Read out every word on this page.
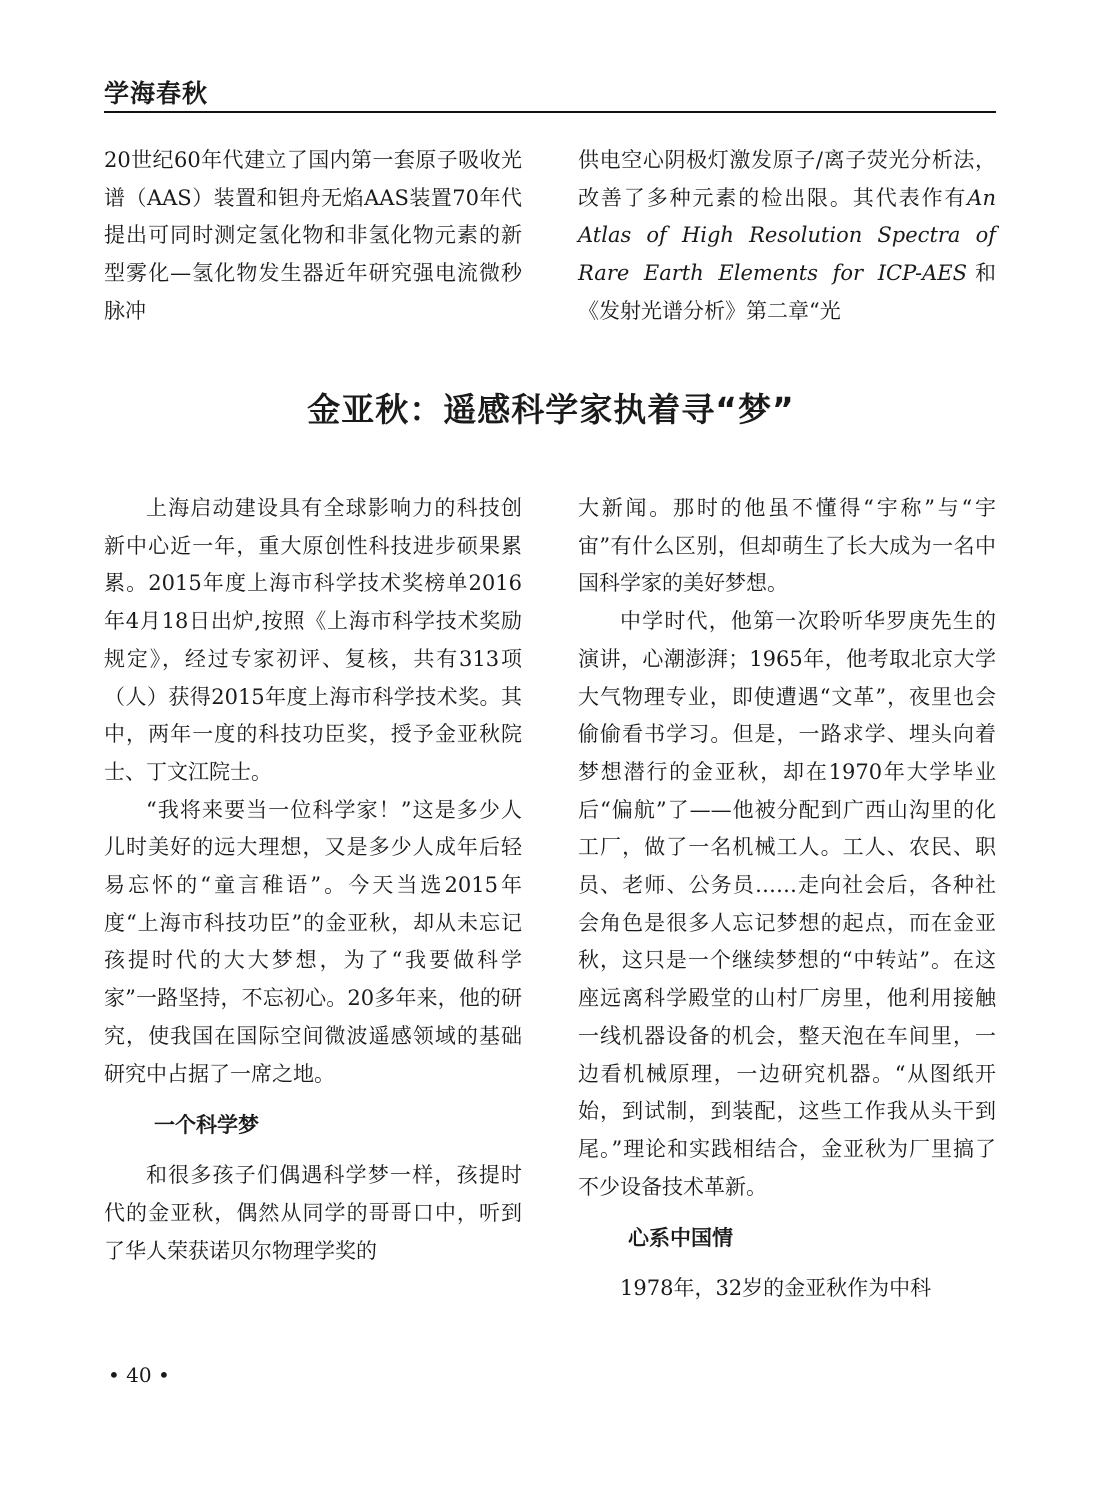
学海春秋

20世纪60年代建立了国内第一套原子吸收光谱（AAS）装置和钽舟无焰AAS装置70年代提出可同时测定氢化物和非氢化物元素的新型雾化—氢化物发生器近年研究强电流微秒脉冲

供电空心阴极灯激发原子/离子荧光分析法，改善了多种元素的检出限。其代表作有An Atlas of High Resolution Spectra of Rare Earth Elements for ICP-AES和《发射光谱分析》第二章“光

金亚秋：遥感科学家执着寻“梦”

上海启动建设具有全球影响力的科技创新中心近一年，重大原创性科技进步硕果累累。2015年度上海市科学技术奖榜单2016年4月18日出炉,按照《上海市科学技术奖励规定》，经过专家初评、复核，共有313项（人）获得2015年度上海市科学技术奖。其中，两年一度的科技功臣奖，授予金亚秋院士、丁文江院士。

“我将来要当一位科学家！”这是多少人儿时美好的远大理想，又是多少人成年后轻易忘怀的“童言稚语”。今天当选2015年度“上海市科技功臣”的金亚秋，却从未忘记孩提时代的大大梦想，为了“我要做科学家”一路坚持，不忘初心。20多年来，他的研究，使我国在国际空间微波遥感领域的基础研究中占据了一席之地。

一个科学梦

和很多孩子们偶遇科学梦一样，孩提时代的金亚秋，偶然从同学的哥哥口中，听到了华人荣获诺贝尔物理学奖的

大新闻。那时的他虽不懂得“宇称”与“宇宙”有什么区别，但却萌生了长大成为一名中国科学家的美好梦想。

中学时代，他第一次聆听华罗庚先生的演讲，心潮澎湃；1965年，他考取北京大学大气物理专业，即使遭遇“文革”，夜里也会偷偷看书学习。但是，一路求学、埋头向着梦想潜行的金亚秋，却在1970年大学毕业后“偏航”了——他被分配到广西山沟里的化工厂，做了一名机械工人。工人、农民、职员、老师、公务员……走向社会后，各种社会角色是很多人忘记梦想的起点，而在金亚秋，这只是一个继续梦想的“中转站”。在这座远离科学殿堂的山村厂房里，他利用接触一线机器设备的机会，整天泡在车间里，一边看机械原理，一边研究机器。“从图纸开始，到试制，到装配，这些工作我从头干到尾。”理论和实践相结合，金亚秋为厂里搞了不少设备技术革新。

心系中国情

1978年，32岁的金亚秋作为中科

• 40 •
